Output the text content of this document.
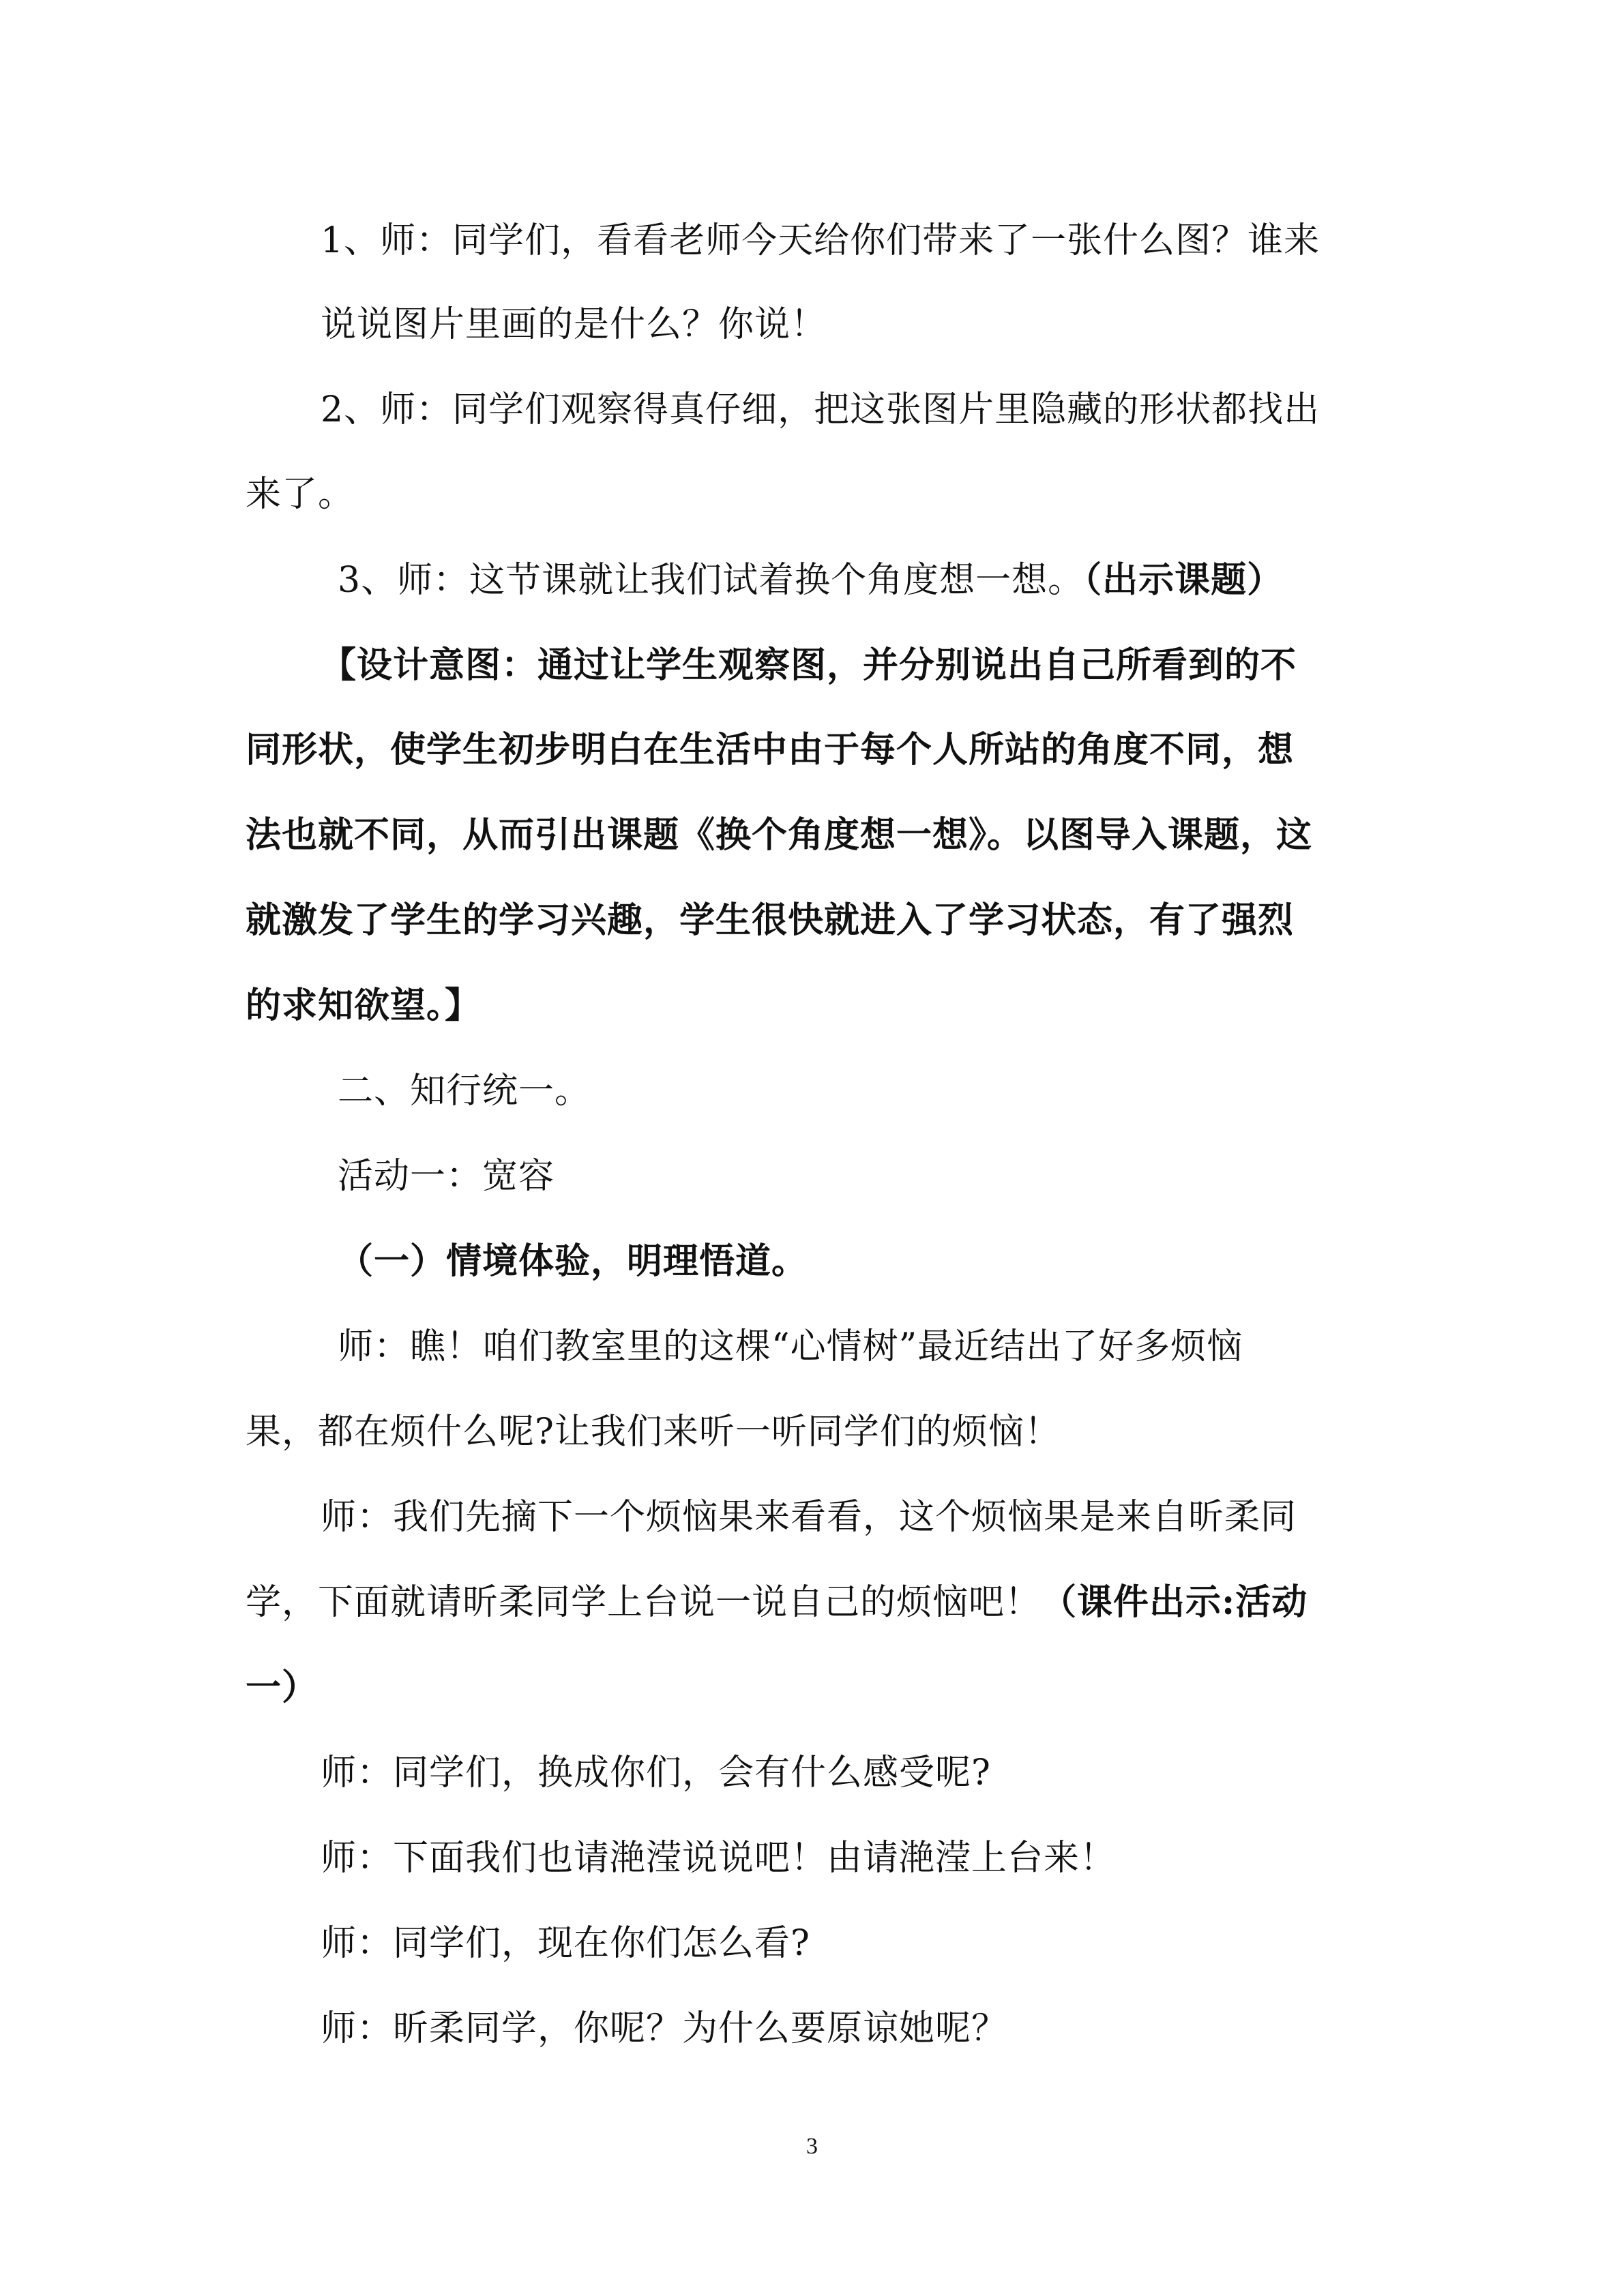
1、师：同学们，看看老师今天给你们带来了一张什么图？谁来
说说图片里画的是什么？你说！
2、师：同学们观察得真仔细，把这张图片里隐藏的形状都找出
来了。
3、师：这节课就让我们试着换个角度想一想。（出示课题）
【设计意图：通过让学生观察图，并分别说出自己所看到的不
同形状，使学生初步明白在生活中由于每个人所站的角度不同，想
法也就不同，从而引出课题《换个角度想一想》。以图导入课题，这
就激发了学生的学习兴趣，学生很快就进入了学习状态，有了强烈
的求知欲望。】
二、知行统一。
活动一：宽容
（一）情境体验，明理悟道。
师：瞧！咱们教室里的这棵“心情树”最近结出了好多烦恼
果，都在烦什么呢?让我们来听一听同学们的烦恼！
师：我们先摘下一个烦恼果来看看，这个烦恼果是来自昕柔同
学，下面就请昕柔同学上台说一说自己的烦恼吧！（课件出示:活动
一）
师：同学们，换成你们，会有什么感受呢?
师：下面我们也请滟滢说说吧！由请滟滢上台来！
师：同学们，现在你们怎么看?
师：昕柔同学，你呢？为什么要原谅她呢？
3
